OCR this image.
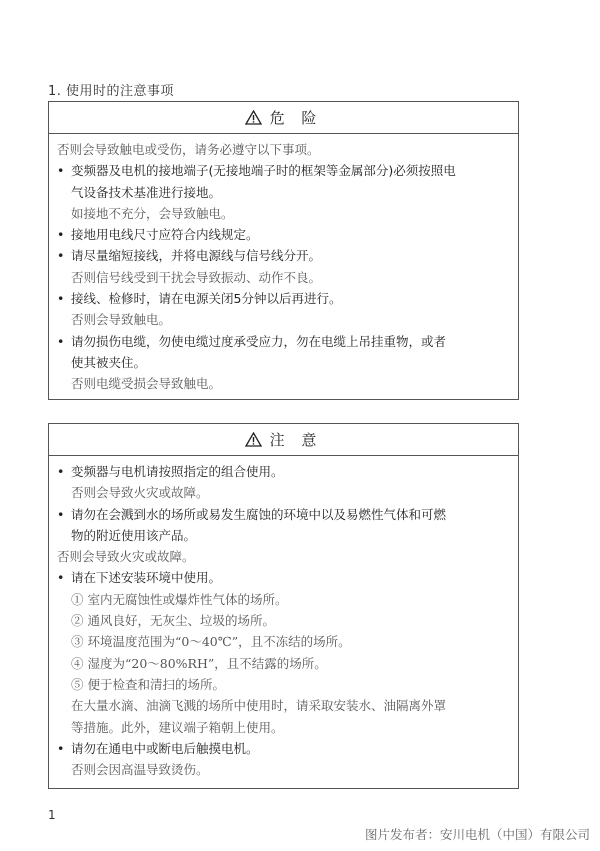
1. 使用时的注意事项
危 险
否则会导致触电或受伤，请务必遵守以下事项。
• 变频器及电机的接地端子(无接地端子时的框架等金属部分)必须按照电
气设备技术基准进行接地。
如接地不充分，会导致触电。
• 接地用电线尺寸应符合内线规定。
• 请尽量缩短接线，并将电源线与信号线分开。
否则信号线受到干扰会导致振动、动作不良。
• 接线、检修时，请在电源关闭5分钟以后再进行。
否则会导致触电。
• 请勿损伤电缆，勿使电缆过度承受应力，勿在电缆上吊挂重物，或者
使其被夹住。
否则电缆受损会导致触电。
注 意
• 变频器与电机请按照指定的组合使用。
否则会导致火灾或故障。
• 请勿在会溅到水的场所或易发生腐蚀的环境中以及易燃性气体和可燃
物的附近使用该产品。
否则会导致火灾或故障。
• 请在下述安装环境中使用。
① 室内无腐蚀性或爆炸性气体的场所。
② 通风良好，无灰尘、垃圾的场所。
③ 环境温度范围为“0～40℃”，且不冻结的场所。
④ 湿度为“20～80%RH”，且不结露的场所。
⑤ 便于检查和清扫的场所。
在大量水滴、油滴飞溅的场所中使用时，请采取安装水、油隔离外罩
等措施。此外，建议端子箱朝上使用。
• 请勿在通电中或断电后触摸电机。
否则会因高温导致烫伤。
1
图片发布者：安川电机（中国）有限公司
